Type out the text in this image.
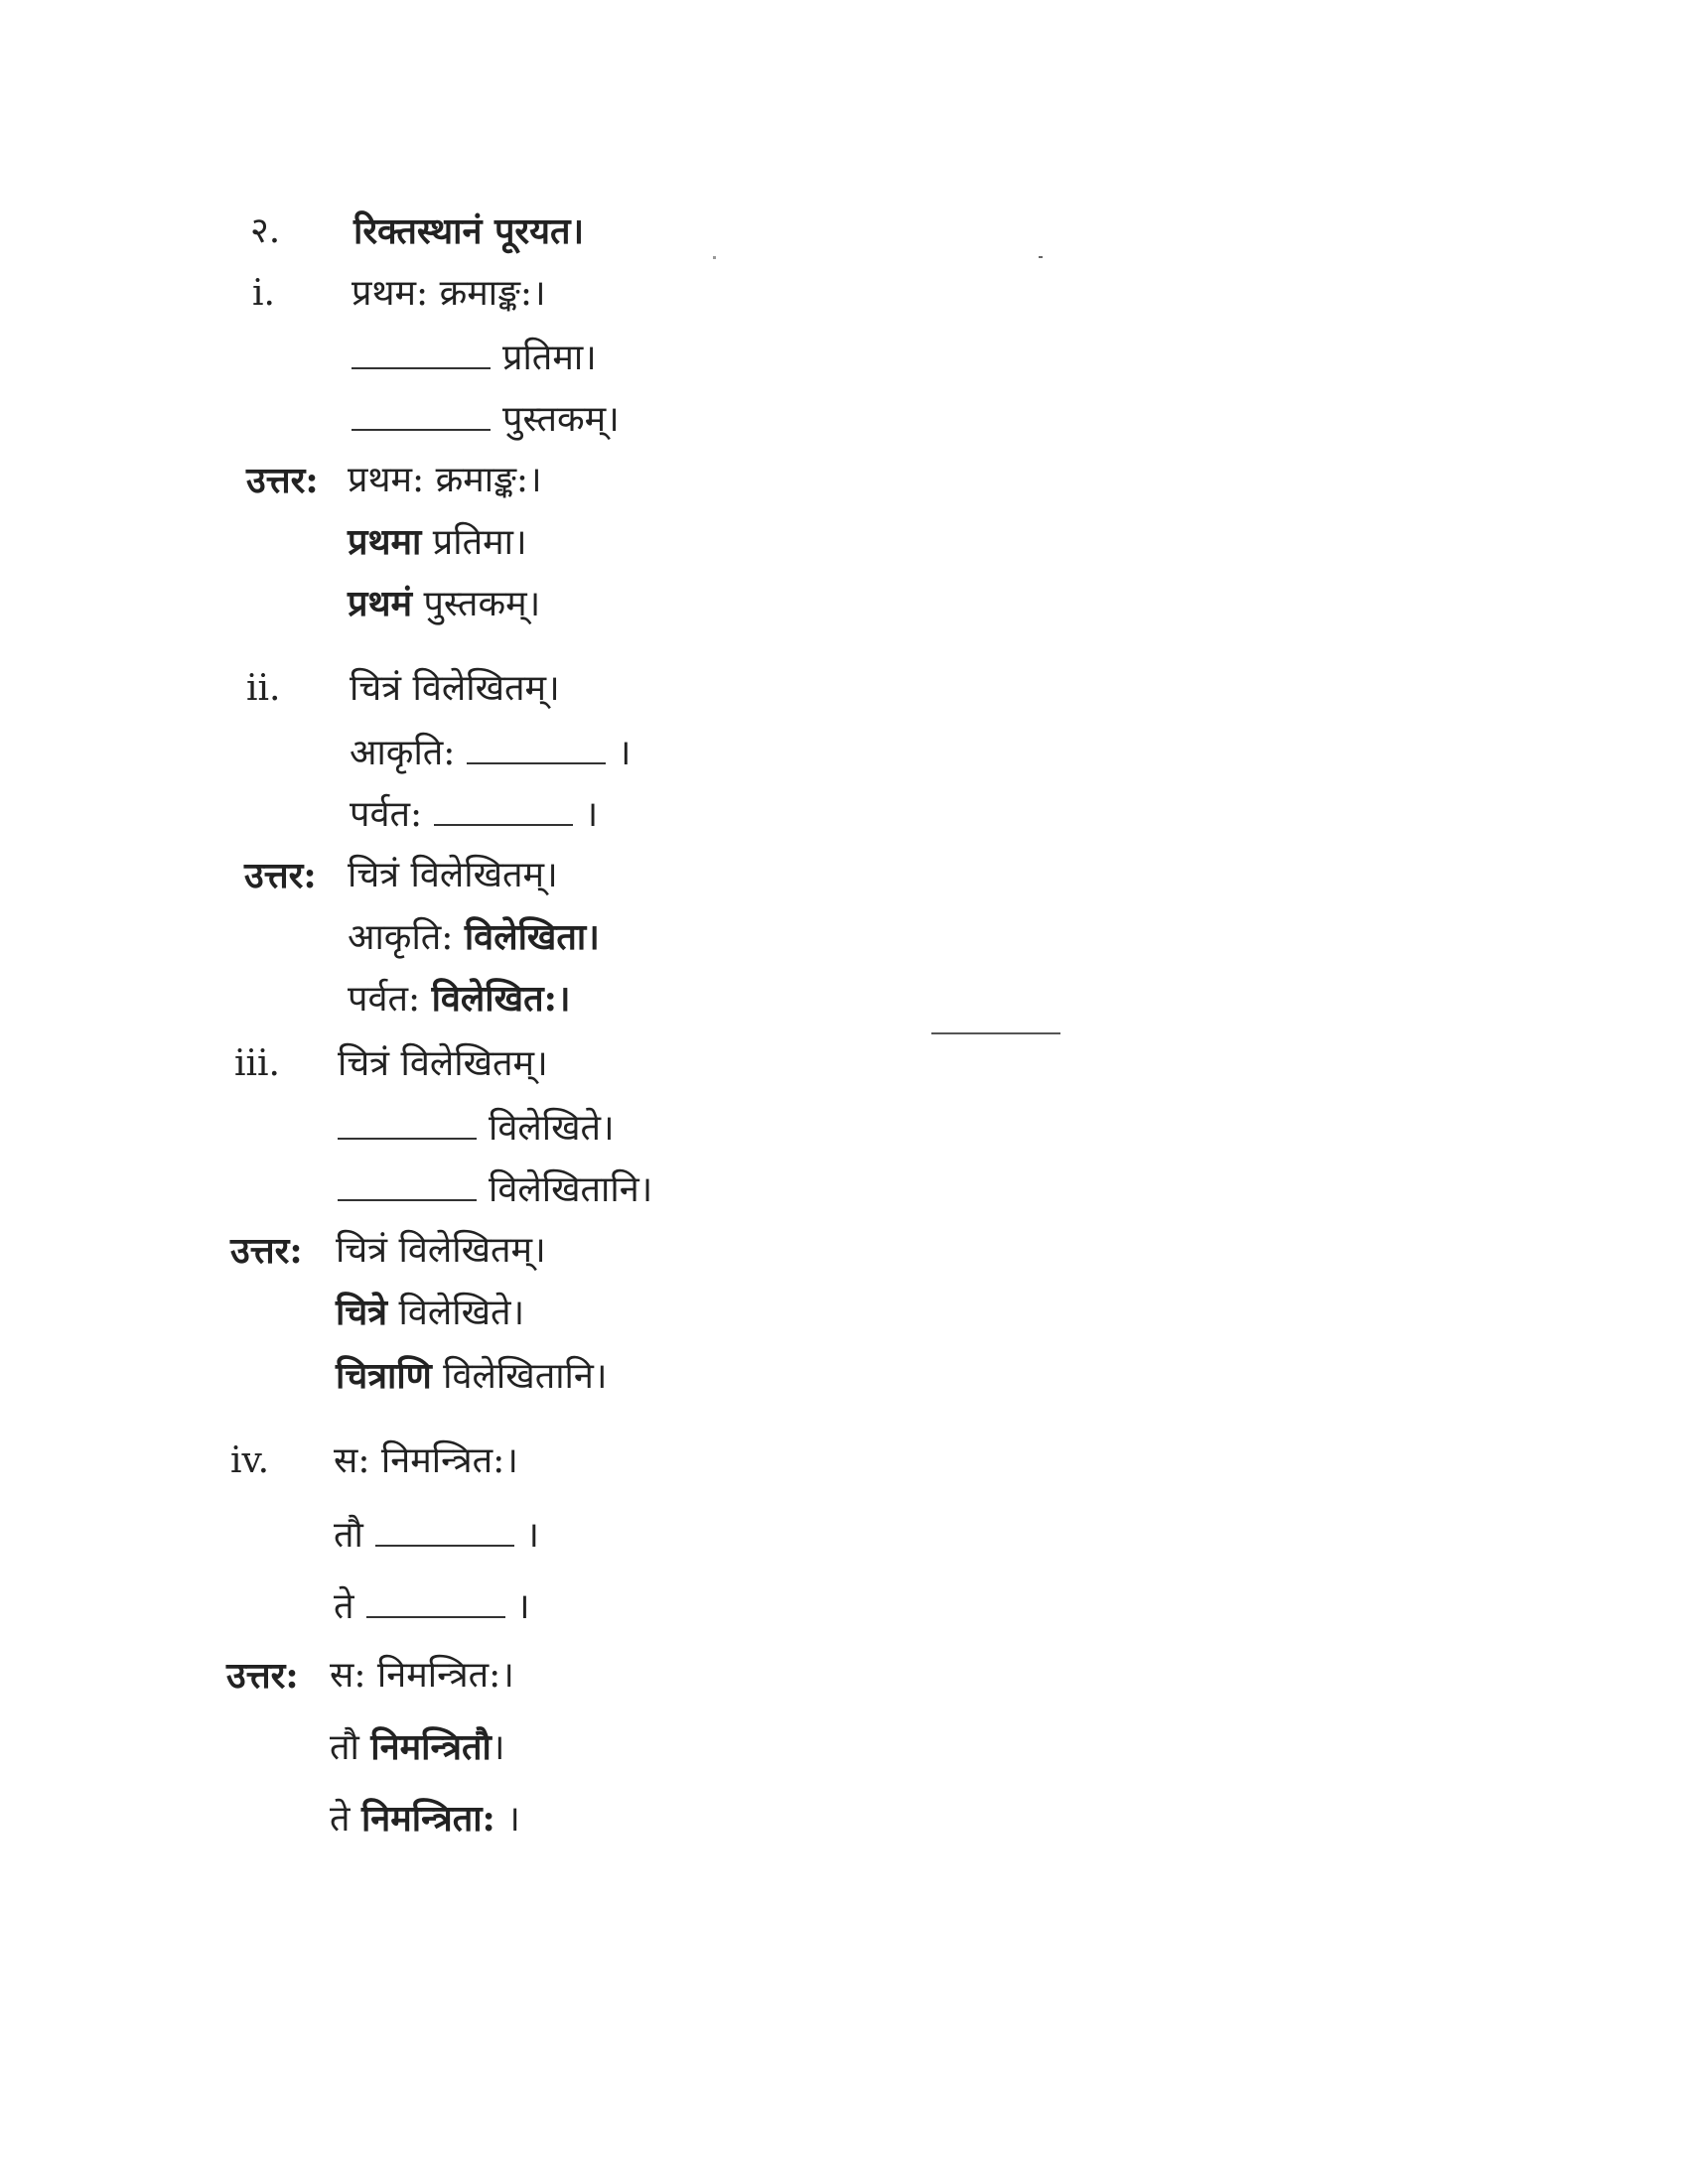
२. रिक्तस्थानं पूरयत।
i. प्रथम: क्रमाङ्क:।
प्रतिमा।
पुस्तकम्।
उत्तर: प्रथम: क्रमाङ्क:।
प्रथमा प्रतिमा।
प्रथमं पुस्तकम्।
ii. चित्रं विलेखितम्।
आकृति:	।
पर्वत:	।
उत्तर: चित्रं विलेखितम्।
आकृति: विलेखिता।
पर्वत: विलेखित:।
iii. चित्रं विलेखितम्।
विलेखिते।
विलेखितानि।
उत्तर: चित्रं विलेखितम्।
चित्रे विलेखिते।
चित्राणि विलेखितानि।
iv. स: निमन्त्रित:।
तौ	।
ते	।
उत्तर: स: निमन्त्रित:।
तौ निमन्त्रितौ।
ते निमन्त्रिता: ।
